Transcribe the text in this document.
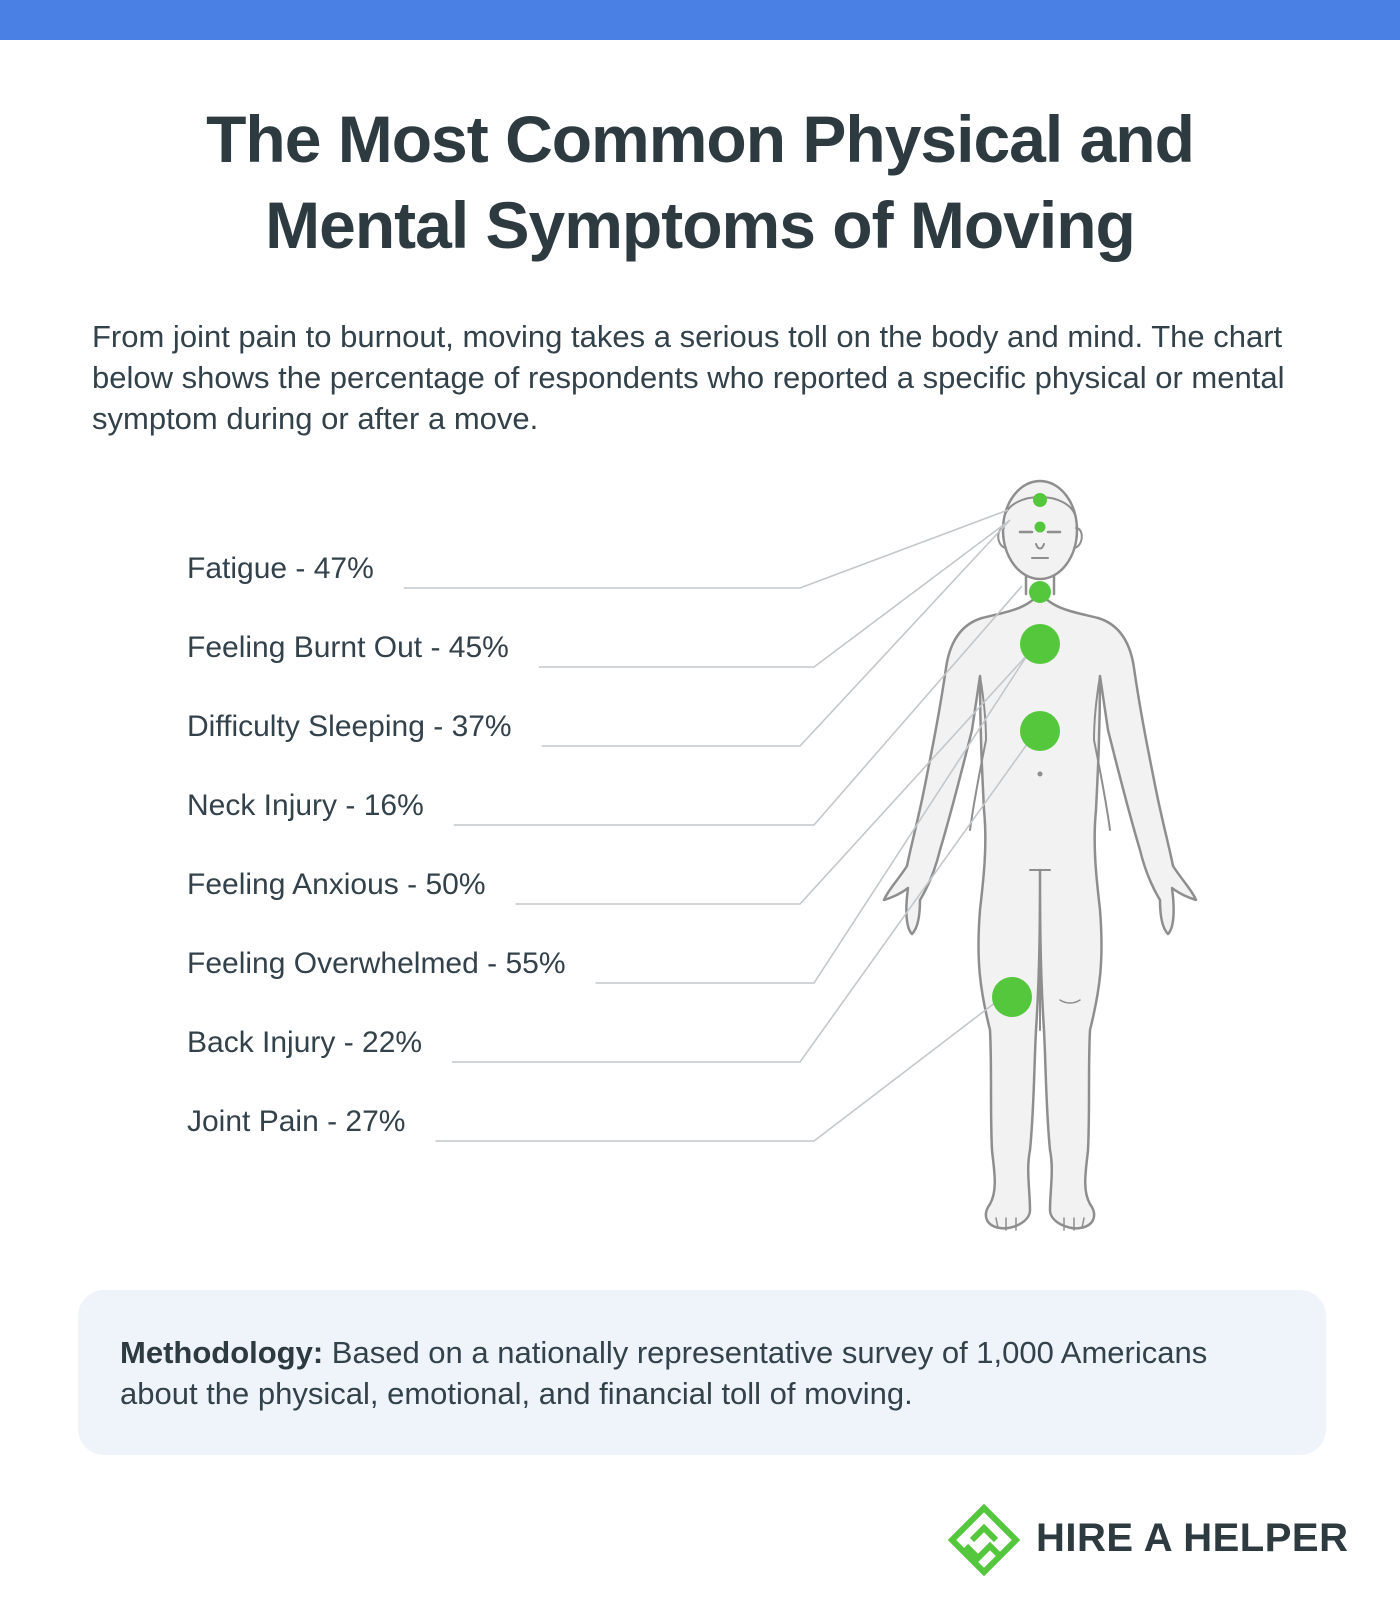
The Most Common Physical and
Mental Symptoms of Moving

From joint pain to burnout, moving takes a serious toll on the body and mind. The chart below shows the percentage of respondents who reported a specific physical or mental symptom during or after a move.

Fatigue - 47%
Feeling Burnt Out - 45%
Difficulty Sleeping - 37%
Neck Injury - 16%
Feeling Anxious - 50%
Feeling Overwhelmed - 55%
Back Injury - 22%
Joint Pain - 27%

Methodology: Based on a nationally representative survey of 1,000 Americans about the physical, emotional, and financial toll of moving.

HIRE A HELPER
